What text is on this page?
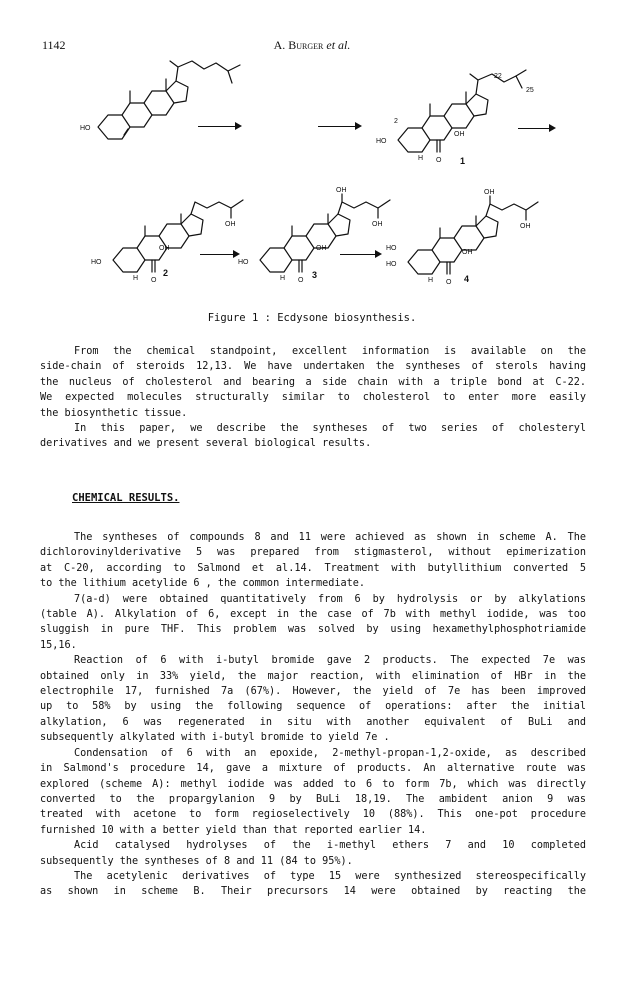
1142	A. Burger et al.
HO
HO
2
OH
H O
22
25
1
HO
OH
OH
H O
2
HO
OH
OH
OH
H O
3
HO
HO
OH
OH
OH
H O 4
Figure 1 : Ecdysone biosynthesis.

From the chemical standpoint, excellent information is available on the

side-chain of steroids 12,13. We have undertaken the syntheses of sterols having

the nucleus of cholesterol and bearing a side chain with a triple bond at C-22.

We expected molecules structurally similar to cholesterol to enter more easily

the biosynthetic tissue.

In this paper, we describe the syntheses of two series of cholesteryl

derivatives and we present several biological results.

CHEMICAL RESULTS.

The syntheses of compounds 8 and 11 were achieved as shown in scheme A. The

dichlorovinylderivative 5 was prepared from stigmasterol, without epimerization

at C-20, according to Salmond et al.14. Treatment with butyllithium converted 5

to the lithium acetylide 6 , the common intermediate.

7(a-d) were obtained quantitatively from 6 by hydrolysis or by alkylations

(table A). Alkylation of 6, except in the case of 7b with methyl iodide, was too

sluggish in pure THF. This problem was solved by using hexamethylphosphotriamide

15,16.

Reaction of 6 with i-butyl bromide gave 2 products. The expected 7e was

obtained only in 33% yield, the major reaction, with elimination of HBr in the

electrophile 17, furnished 7a (67%). However, the yield of 7e has been improved

up to 58% by using the following sequence of operations: after the initial

alkylation, 6 was regenerated in situ with another equivalent of BuLi and

subsequently alkylated with i-butyl bromide to yield 7e .

Condensation of 6 with an epoxide, 2-methyl-propan-1,2-oxide, as described

in Salmond's procedure 14, gave a mixture of products. An alternative route was

explored (scheme A): methyl iodide was added to 6 to form 7b, which was directly

converted to the propargylanion 9 by BuLi 18,19. The ambident anion 9 was

treated with acetone to form regioselectively 10 (88%). This one-pot procedure

furnished 10 with a better yield than that reported earlier 14.

Acid catalysed hydrolyses of the i-methyl ethers 7 and 10 completed

subsequently the syntheses of 8 and 11 (84 to 95%).

The acetylenic derivatives of type 15 were synthesized stereospecifically

as shown in scheme B. Their precursors 14 were obtained by reacting the
